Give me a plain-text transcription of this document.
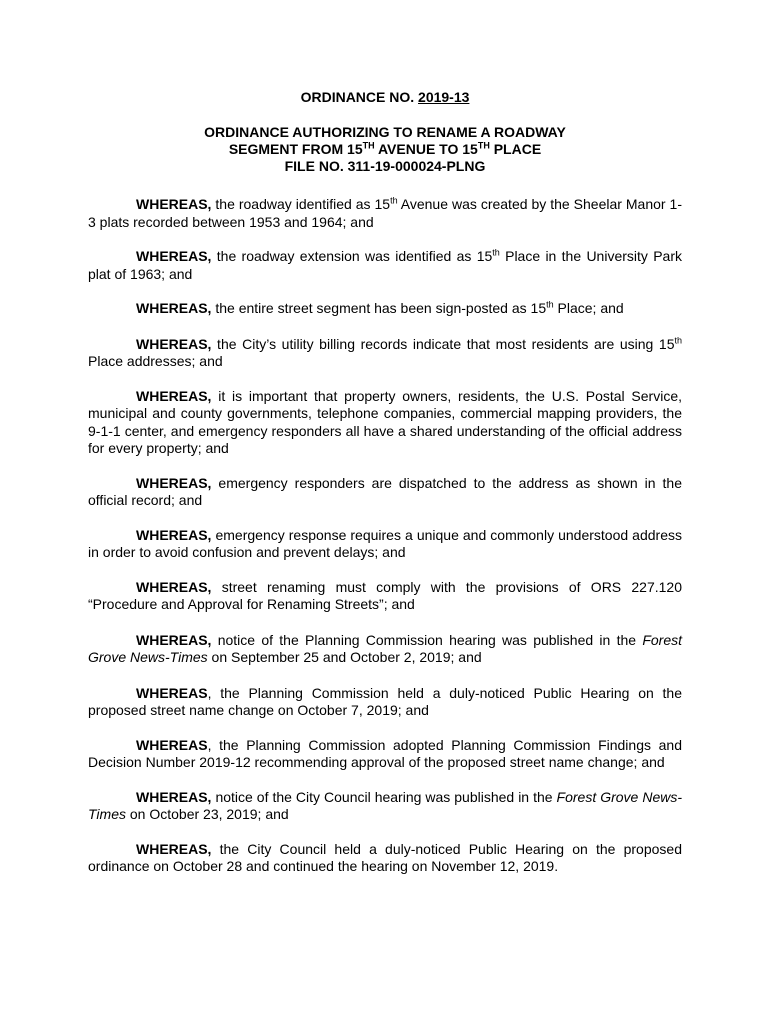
ORDINANCE NO. 2019-13
ORDINANCE AUTHORIZING TO RENAME A ROADWAY
SEGMENT FROM 15TH AVENUE TO 15TH PLACE
FILE NO. 311-19-000024-PLNG

WHEREAS, the roadway identified as 15th Avenue was created by the Sheelar Manor 1-3 plats recorded between 1953 and 1964; and

WHEREAS, the roadway extension was identified as 15th Place in the University Park plat of 1963; and

WHEREAS, the entire street segment has been sign-posted as 15th Place; and

WHEREAS, the City’s utility billing records indicate that most residents are using 15th Place addresses; and

WHEREAS, it is important that property owners, residents, the U.S. Postal Service, municipal and county governments, telephone companies, commercial mapping providers, the 9-1-1 center, and emergency responders all have a shared understanding of the official address for every property; and

WHEREAS, emergency responders are dispatched to the address as shown in the official record; and

WHEREAS, emergency response requires a unique and commonly understood address in order to avoid confusion and prevent delays; and

WHEREAS, street renaming must comply with the provisions of ORS 227.120 “Procedure and Approval for Renaming Streets”; and

WHEREAS, notice of the Planning Commission hearing was published in the Forest Grove News-Times on September 25 and October 2, 2019; and

WHEREAS, the Planning Commission held a duly-noticed Public Hearing on the proposed street name change on October 7, 2019; and

WHEREAS, the Planning Commission adopted Planning Commission Findings and Decision Number 2019-12 recommending approval of the proposed street name change; and

WHEREAS, notice of the City Council hearing was published in the Forest Grove News-Times on October 23, 2019; and

WHEREAS, the City Council held a duly-noticed Public Hearing on the proposed ordinance on October 28 and continued the hearing on November 12, 2019.
